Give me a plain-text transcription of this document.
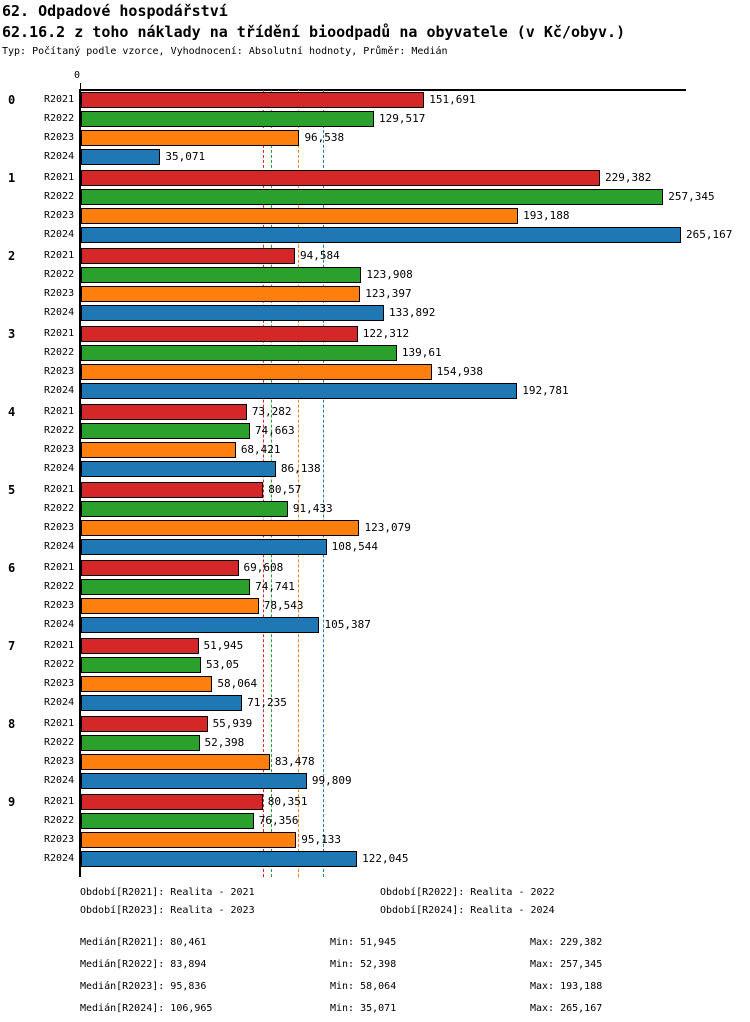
62. Odpadové hospodářství
62.16.2 z toho náklady na třídění bioodpadů na obyvatele (v Kč/obyv.)
Typ: Počítaný podle vzorce, Vyhodnocení: Absolutní hodnoty, Průměr: Medián
0
0	R2021	151,691
R2022	129,517
R2023	96,538
R2024	35,071
1	R2021	229,382
R2022	257,345
R2023	193,188
R2024	265,167
2	R2021	94,584
R2022	123,908
R2023	123,397
R2024	133,892
3	R2021	122,312
R2022	139,61
R2023	154,938
R2024	192,781
4	R2021	73,282
R2022	74,663
R2023	68,421
R2024	86,138
5	R2021	80,57
R2022	91,433
R2023	123,079
R2024	108,544
6	R2021	69,608
R2022	74,741
R2023	78,543
R2024	105,387
7	R2021	51,945
R2022	53,05
R2023	58,064
R2024	71,235
8	R2021	55,939
R2022	52,398
R2023	83,478
R2024	99,809
9	R2021	80,351
R2022	76,356
R2023	95,133
R2024	122,045
Období[R2021]: Realita - 2021	Období[R2022]: Realita - 2022
Období[R2023]: Realita - 2023	Období[R2024]: Realita - 2024
Medián[R2021]: 80,461	Min: 51,945	Max: 229,382
Medián[R2022]: 83,894	Min: 52,398	Max: 257,345
Medián[R2023]: 95,836	Min: 58,064	Max: 193,188
Medián[R2024]: 106,965	Min: 35,071	Max: 265,167
